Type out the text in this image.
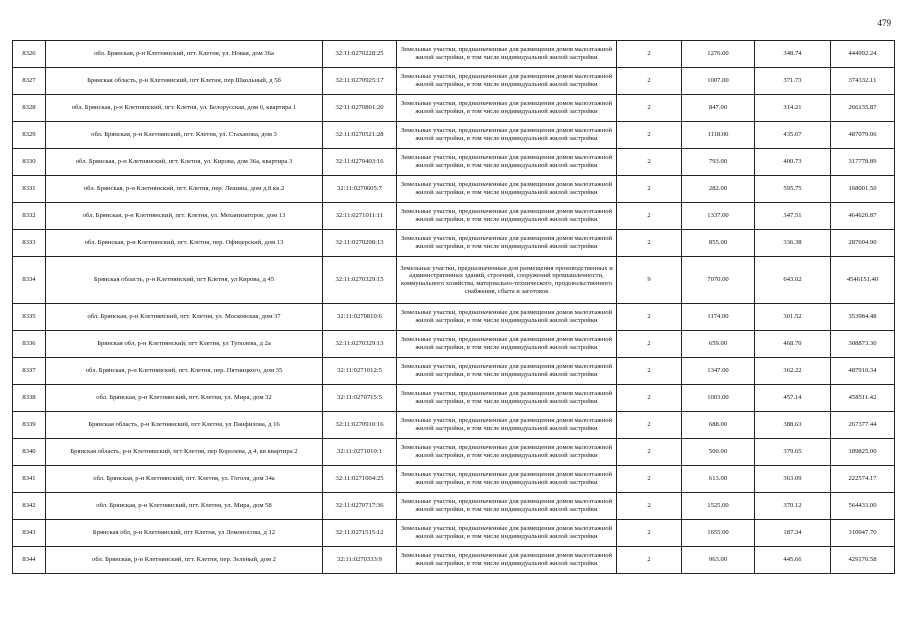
479
8326	обл. Брянская, р-н Клетнянский, пгт. Клетня, ул. Новая, дом 36а	32:11:0270228:25	Земельные участки, предназначенные для размещения домов малоэтажной жилой застройки, в том числе индивидуальной жилой застройки	2	1276.00	348.74	444992.24
8327	Брянская область, р-н Клетнянский, пгт Клетня, пер Школьный, д 5б	32:11:0270925:17	Земельные участки, предназначенные для размещения домов малоэтажной жилой застройки, в том числе индивидуальной жилой застройки	2	1007.00	371.73	374332.11
8328	обл. Брянская, р-н Клетнянский, пгт. Клетня, ул. Белорусская, дом 6, квартира 1	32:11:0270801:20	Земельные участки, предназначенные для размещения домов малоэтажной жилой застройки, в том числе индивидуальной жилой застройки	2	847.00	314.21	266135.87
8329	обл. Брянская, р-н Клетнянский, пгт. Клетня, ул. Стаханова, дом 3	32:11:0270521:28	Земельные участки, предназначенные для размещения домов малоэтажной жилой застройки, в том числе индивидуальной жилой застройки	2	1118.00	435.67	487079.06
8330	обл. Брянская, р-н Клетнянский, пгт. Клетня, ул. Кирова, дом 36а, квартира 3	32:11:0270403:16	Земельные участки, предназначенные для размещения домов малоэтажной жилой застройки, в том числе индивидуальной жилой застройки	2	793.00	400.73	317778.89
8331	обл. Брянская, р-н Клетнянский, пгт. Клетня, пер. Лешина, дом д.8 кв.2	32:11:0270605:7	Земельные участки, предназначенные для размещения домов малоэтажной жилой застройки, в том числе индивидуальной жилой застройки	2	282.00	595.75	168001.50
8332	обл. Брянская, р-н Клетнянский, пгт. Клетня, ул. Механизаторов, дом 13	32:11:0271011:11	Земельные участки, предназначенные для размещения домов малоэтажной жилой застройки, в том числе индивидуальной жилой застройки	2	1337.00	347.51	464620.87
8333	обл. Брянская, р-н Клетнянский, пгт. Клетня, пер. Офицерский, дом 13	32:11:0270208:13	Земельные участки, предназначенные для размещения домов малоэтажной жилой застройки, в том числе индивидуальной жилой застройки	2	855.00	336.38	287604.90
8334	Брянская область, р-н Клетнянский, пгт Клетня, ул Кирова, д 45	32:11:0270329:15	Земельные участки, предназначенные для размещения производственных и административных зданий, строений, сооружений промышленности, коммунального хозяйства, материально-технического, продовольственного снабжения, сбыта и заготовок	9	7070.00	643.02	4546151.40
8335	обл. Брянская, р-н Клетнянский, пгт. Клетня, ул. Московская, дом 37	32:11:0270810:6	Земельные участки, предназначенные для размещения домов малоэтажной жилой застройки, в том числе индивидуальной жилой застройки	2	1174.00	301.52	353984.48
8336	Брянская обл, р-н Клетнянский, пгт Клетня, ул Туполева, д 2а	32:11:0270329:13	Земельные участки, предназначенные для размещения домов малоэтажной жилой застройки, в том числе индивидуальной жилой застройки	2	659.00	468.70	308873.30
8337	обл. Брянская, р-н Клетнянский, пгт. Клетня, пер. Пятницкого, дом 35	32:11:0271012:5	Земельные участки, предназначенные для размещения домов малоэтажной жилой застройки, в том числе индивидуальной жилой застройки	2	1347.00	362.22	487910.34
8338	обл. Брянская, р-н Клетнянский, пгт. Клетня, ул. Мира, дом 32	32:11:0270715:5	Земельные участки, предназначенные для размещения домов малоэтажной жилой застройки, в том числе индивидуальной жилой застройки	2	1003.00	457.14	458511.42
8339	Брянская область, р-н Клетнянский, пгт Клетня, ул Панфилова, д 16	32:11:0270910:16	Земельные участки, предназначенные для размещения домов малоэтажной жилой застройки, в том числе индивидуальной жилой застройки	2	688.00	388.63	267377.44
8340	Брянская область, р-н Клетнянский, пгт Клетня, пер Королева, д 4, кв квартира 2	32:11:0271010:1	Земельные участки, предназначенные для размещения домов малоэтажной жилой застройки, в том числе индивидуальной жилой застройки	2	500.00	379.65	189825.00
8341	обл. Брянская, р-н Клетнянский, пгт. Клетня, ул. Гоголя, дом 34а	32:11:0271004:25	Земельные участки, предназначенные для размещения домов малоэтажной жилой застройки, в том числе индивидуальной жилой застройки	2	613.00	363.09	222574.17
8342	обл. Брянская, р-н Клетнянский, пгт. Клетня, ул. Мира, дом 58	32:11:0270717:36	Земельные участки, предназначенные для размещения домов малоэтажной жилой застройки, в том числе индивидуальной жилой застройки	2	1525.00	370.12	564433.00
8343	Брянская обл, р-н Клетнянский, пгт Клетня, ул Ломоносова, д 12	32:11:0271515:12	Земельные участки, предназначенные для размещения домов малоэтажной жилой застройки, в том числе индивидуальной жилой застройки	2	1655.00	187.34	310047.70
8344	обл. Брянская, р-н Клетнянский, пгт. Клетня, пер. Зеленый, дом 2	32:11:0270333:9	Земельные участки, предназначенные для размещения домов малоэтажной жилой застройки, в том числе индивидуальной жилой застройки	2	963.00	445.66	429170.58
